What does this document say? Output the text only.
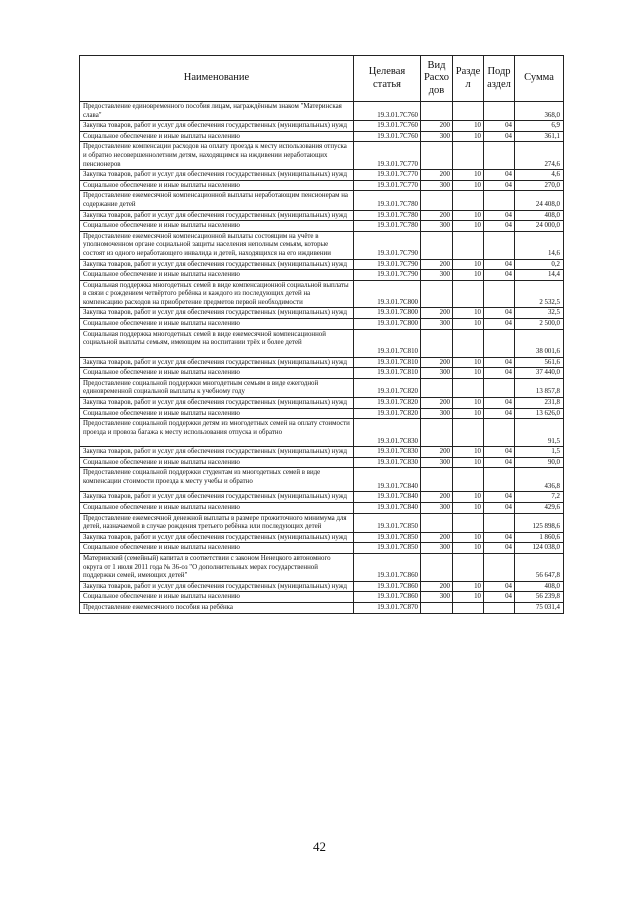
Наименование	Целевая статья	Вид Расхо дов	Разде л	Подр аздел	Сумма
Предоставление единовременного пособия лицам, награждённым знаком "Материнская слава"	19.3.01.7С760				368,0
Закупка товаров, работ и услуг для обеспечения государственных (муниципальных) нужд	19.3.01.7С760	200	10	04	6,9
Социальное обеспечение и иные выплаты населению	19.3.01.7С760	300	10	04	361,1
Предоставление компенсации расходов на оплату проезда к месту использования отпуска и обратно несовершеннолетним детям, находящимся на иждивении неработающих пенсионеров	19.3.01.7С770				274,6
Закупка товаров, работ и услуг для обеспечения государственных (муниципальных) нужд	19.3.01.7С770	200	10	04	4,6
Социальное обеспечение и иные выплаты населению	19.3.01.7С770	300	10	04	270,0
Предоставление ежемесячной компенсационной выплаты неработающим пенсионерам на содержание детей	19.3.01.7С780				24 408,0
Закупка товаров, работ и услуг для обеспечения государственных (муниципальных) нужд	19.3.01.7С780	200	10	04	408,0
Социальное обеспечение и иные выплаты населению	19.3.01.7С780	300	10	04	24 000,0
Предоставление ежемесячной компенсационной выплаты состоящим на учёте в уполномоченном органе социальной защиты населения неполным семьям, которые состоят из одного неработающего инвалида и детей, находящихся на его иждивении	19.3.01.7С790				14,6
Закупка товаров, работ и услуг для обеспечения государственных (муниципальных) нужд	19.3.01.7С790	200	10	04	0,2
Социальное обеспечение и иные выплаты населению	19.3.01.7С790	300	10	04	14,4
Социальная поддержка многодетных семей в виде компенсационной социальной выплаты в связи с рождением четвёртого ребёнка и каждого из последующих детей на компенсацию расходов на приобретение предметов первой необходимости	19.3.01.7С800				2 532,5
Закупка товаров, работ и услуг для обеспечения государственных (муниципальных) нужд	19.3.01.7С800	200	10	04	32,5
Социальное обеспечение и иные выплаты населению	19.3.01.7С800	300	10	04	2 500,0
Социальная поддержка многодетных семей в виде ежемесячной компенсационной социальной выплаты семьям, имеющим на воспитании трёх и более детей	19.3.01.7С810				38 001,6
Закупка товаров, работ и услуг для обеспечения государственных (муниципальных) нужд	19.3.01.7С810	200	10	04	561,6
Социальное обеспечение и иные выплаты населению	19.3.01.7С810	300	10	04	37 440,0
Предоставление социальной поддержки многодетным семьям в виде ежегодной единовременной социальной выплаты к учебному году	19.3.01.7С820				13 857,8
Закупка товаров, работ и услуг для обеспечения государственных (муниципальных) нужд	19.3.01.7С820	200	10	04	231,8
Социальное обеспечение и иные выплаты населению	19.3.01.7С820	300	10	04	13 626,0
Предоставление социальной поддержки детям из многодетных семей на оплату стоимости проезда и провоза багажа к месту использования отпуска и обратно	19.3.01.7С830				91,5
Закупка товаров, работ и услуг для обеспечения государственных (муниципальных) нужд	19.3.01.7С830	200	10	04	1,5
Социальное обеспечение и иные выплаты населению	19.3.01.7С830	300	10	04	90,0
Предоставление социальной поддержки студентам из многодетных семей в виде компенсации стоимости проезда к месту учебы и обратно	19.3.01.7С840				436,8
Закупка товаров, работ и услуг для обеспечения государственных (муниципальных) нужд	19.3.01.7С840	200	10	04	7,2
Социальное обеспечение и иные выплаты населению	19.3.01.7С840	300	10	04	429,6
Предоставление ежемесячной денежной выплаты в размере прожиточного минимума для детей, назначаемой в случае рождения третьего ребёнка или последующих детей	19.3.01.7С850				125 898,6
Закупка товаров, работ и услуг для обеспечения государственных (муниципальных) нужд	19.3.01.7С850	200	10	04	1 860,6
Социальное обеспечение и иные выплаты населению	19.3.01.7С850	300	10	04	124 038,0
Материнский (семейный) капитал в соответствии с законом Ненецкого автономного округа от 1 июля 2011 года № 36-оз "О дополнительных мерах государственной поддержки семей, имеющих детей"	19.3.01.7С860				56 647,8
Закупка товаров, работ и услуг для обеспечения государственных (муниципальных) нужд	19.3.01.7С860	200	10	04	408,0
Социальное обеспечение и иные выплаты населению	19.3.01.7С860	300	10	04	56 239,8
Предоставление ежемесячного пособия на ребёнка	19.3.01.7С870				75 031,4
42
